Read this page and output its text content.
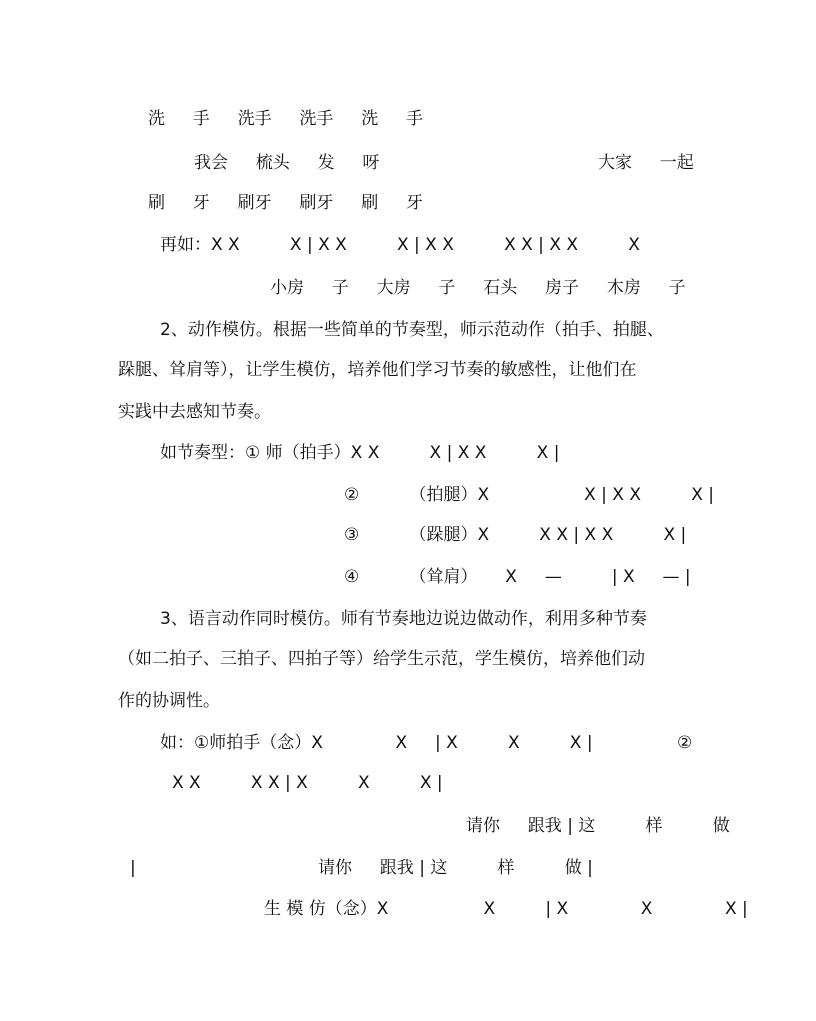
洗 　 手 　 洗手 　 洗手 　 洗 　 手
我会 　 梳头 　 发 　 呀	大家 　 一起
刷 　 牙 　 刷牙 　 刷牙 　 刷 　 牙
再如：X X 　 　 X | X X 　 　 X | X X 　 　 X X | X X 　 　 X
小房 　 子 　 大房 　 子 　 石头 　 房子 　 木房 　 子
2、动作模仿。根据一些简单的节奏型，师示范动作（拍手、拍腿、
跺腿、耸肩等），让学生模仿，培养他们学习节奏的敏感性，让他们在
实践中去感知节奏。
如节奏型：① 师（拍手）X X 　 　 X | X X 　 　 X |
② 　 　 （拍腿）X 　 　 　 　 X | X X 　 　 X |
③ 　 　 （跺腿）X 　 　 X X | X X 　 　 X |
④ 　 　 （耸肩） 　 X 　 — 　 　 | X 　 — |
3、语言动作同时模仿。师有节奏地边说边做动作，利用多种节奏
（如二拍子、三拍子、四拍子等）给学生示范，学生模仿，培养他们动
作的协调性。
如：①师拍手（念）X 　 　 　 X 　 | X 　 　 X 　 　 X |	②
X X 　 　 X X | X 　 　 X 　 　 X |
请你 　 跟我 | 这 　 　 样 　 　 做
|	请你 　 跟我 | 这 　 　 样 　 　 做 |
生 模 仿（念）X 　 　 　 　 X 　 　 | X 　 　 　 X 　 　 　 X |
